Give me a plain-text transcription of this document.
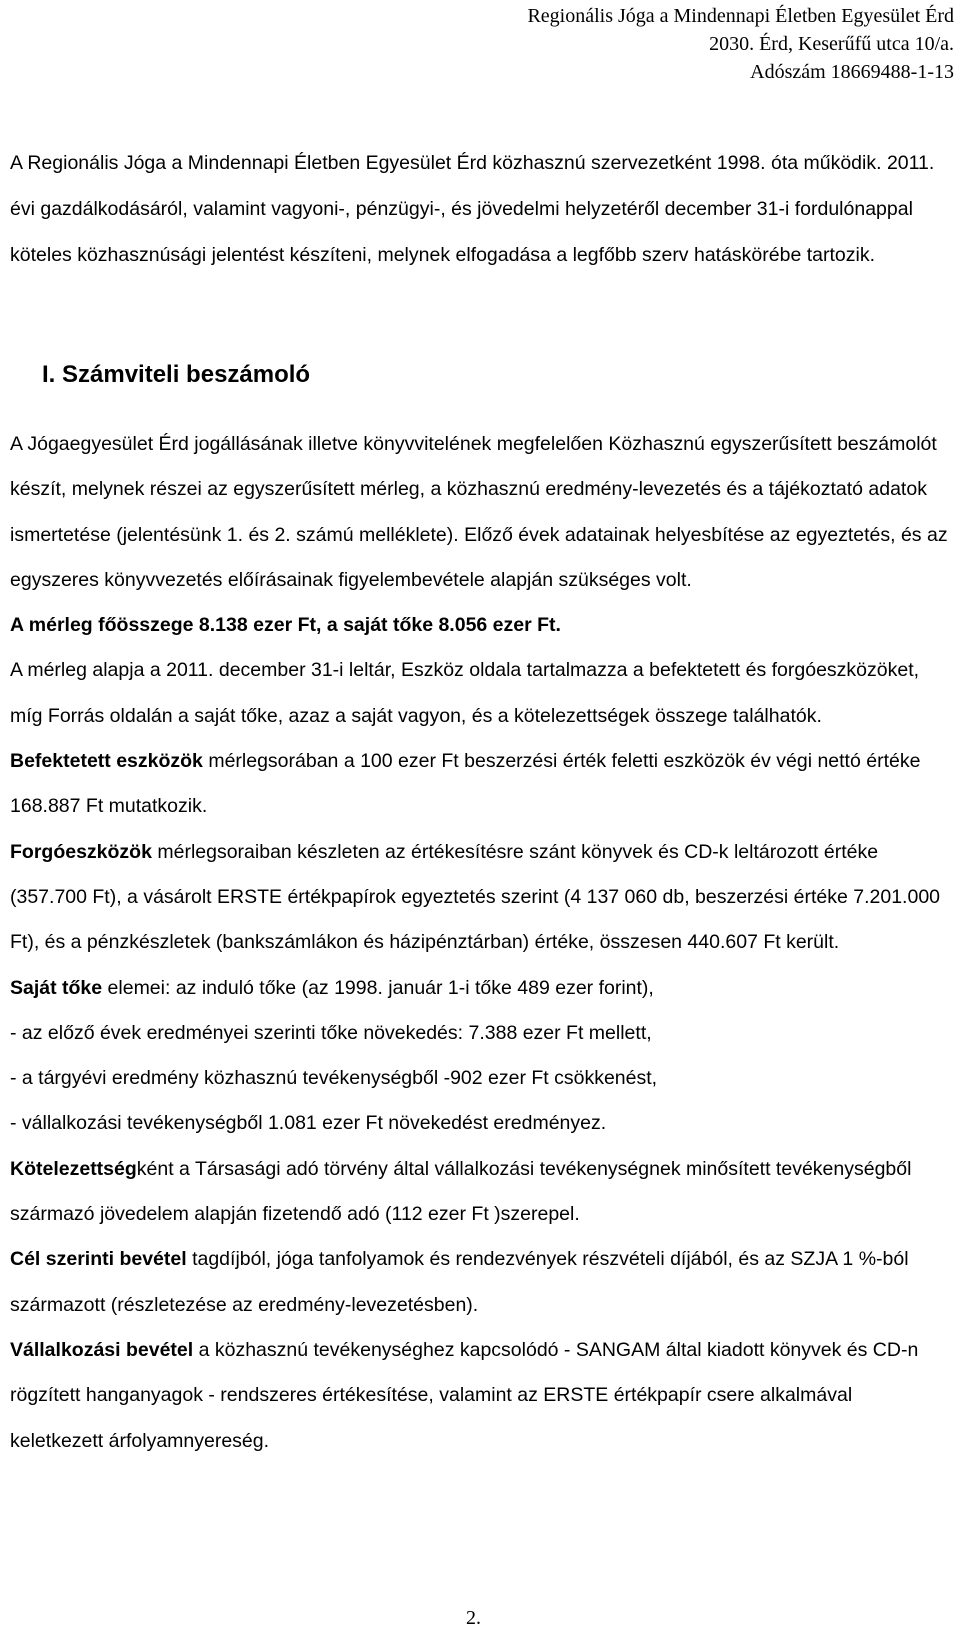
Regionális Jóga a Mindennapi Életben Egyesület Érd
2030. Érd, Keserűfű utca 10/a.
Adószám 18669488-1-13

A Regionális Jóga a Mindennapi Életben Egyesület Érd közhasznú szervezetként 1998. óta működik. 2011. évi gazdálkodásáról, valamint vagyoni-, pénzügyi-, és jövedelmi helyzetéről december 31-i fordulónappal köteles közhasznúsági jelentést készíteni, melynek elfogadása a legfőbb szerv hatáskörébe tartozik.

I. Számviteli beszámoló

A Jógaegyesület Érd jogállásának illetve könyvvitelének megfelelően Közhasznú egyszerűsített beszámolót készít, melynek részei az egyszerűsített mérleg, a közhasznú eredmény-levezetés és a tájékoztató adatok ismertetése (jelentésünk 1. és 2. számú melléklete). Előző évek adatainak helyesbítése az egyeztetés, és az egyszeres könyvvezetés előírásainak figyelembevétele alapján szükséges volt.

A mérleg főösszege 8.138 ezer Ft, a saját tőke 8.056 ezer Ft.

A mérleg alapja a 2011. december 31-i leltár, Eszköz oldala tartalmazza a befektetett és forgóeszközöket, míg Forrás oldalán a saját tőke, azaz a saját vagyon, és a kötelezettségek összege találhatók.

Befektetett eszközök mérlegsorában a 100 ezer Ft beszerzési érték feletti eszközök év végi nettó értéke 168.887 Ft mutatkozik.

Forgóeszközök mérlegsoraiban készleten az értékesítésre szánt könyvek és CD-k leltározott értéke (357.700 Ft), a vásárolt ERSTE értékpapírok egyeztetés szerint (4 137 060 db, beszerzési értéke 7.201.000 Ft), és a pénzkészletek (bankszámlákon és házipénztárban) értéke, összesen 440.607 Ft került.

Saját tőke elemei: az induló tőke (az 1998. január 1-i tőke 489 ezer forint),

- az előző évek eredményei szerinti tőke növekedés: 7.388 ezer Ft mellett,

- a tárgyévi eredmény közhasznú tevékenységből -902 ezer Ft csökkenést,

- vállalkozási tevékenységből 1.081 ezer Ft növekedést eredményez.

Kötelezettségként a Társasági adó törvény által vállalkozási tevékenységnek minősített tevékenységből származó jövedelem alapján fizetendő adó (112 ezer Ft )szerepel.

Cél szerinti bevétel tagdíjból, jóga tanfolyamok és rendezvények részvételi díjából, és az SZJA 1 %-ból származott (részletezése az eredmény-levezetésben).

Vállalkozási bevétel a közhasznú tevékenységhez kapcsolódó - SANGAM által kiadott könyvek és CD-n rögzített hanganyagok - rendszeres értékesítése, valamint az ERSTE értékpapír csere alkalmával keletkezett árfolyamnyereség.

2.
